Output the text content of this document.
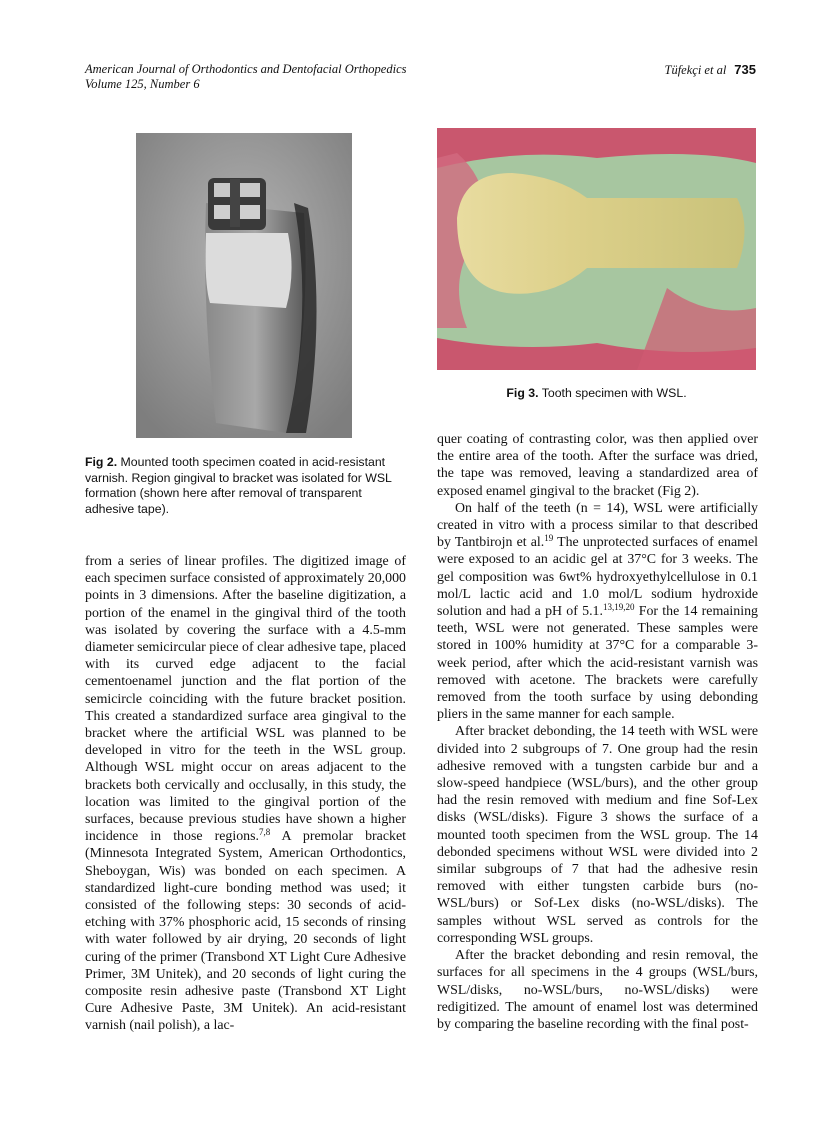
American Journal of Orthodontics and Dentofacial Orthopedics
Volume 125, Number 6
Tüfekçi et al 735
Fig 2. Mounted tooth specimen coated in acid-resistant varnish. Region gingival to bracket was isolated for WSL formation (shown here after removal of transparent adhesive tape).
Fig 3. Tooth specimen with WSL.

from a series of linear profiles. The digitized image of each specimen surface consisted of approximately 20,000 points in 3 dimensions. After the baseline digitization, a portion of the enamel in the gingival third of the tooth was isolated by covering the surface with a 4.5-mm diameter semicircular piece of clear adhesive tape, placed with its curved edge adjacent to the facial cementoenamel junction and the flat portion of the semicircle coinciding with the future bracket position. This created a standardized surface area gingival to the bracket where the artificial WSL was planned to be developed in vitro for the teeth in the WSL group. Although WSL might occur on areas adjacent to the brackets both cervically and occlusally, in this study, the location was limited to the gingival portion of the surfaces, because previous studies have shown a higher incidence in those regions.$^{7,8}$ A premolar bracket (Minnesota Integrated System, American Orthodontics, Sheboygan, Wis) was bonded on each specimen. A standardized light-cure bonding method was used; it consisted of the following steps: 30 seconds of acid-etching with 37% phosphoric acid, 15 seconds of rinsing with water followed by air drying, 20 seconds of light curing of the primer (Transbond XT Light Cure Adhesive Primer, 3M Unitek), and 20 seconds of light curing the composite resin adhesive paste (Transbond XT Light Cure Adhesive Paste, 3M Unitek). An acid-resistant varnish (nail polish), a lac-

quer coating of contrasting color, was then applied over the entire area of the tooth. After the surface was dried, the tape was removed, leaving a standardized area of exposed enamel gingival to the bracket (Fig 2).

On half of the teeth (n = 14), WSL were artificially created in vitro with a process similar to that described by Tantbirojn et al.$^{19}$ The unprotected surfaces of enamel were exposed to an acidic gel at 37°C for 3 weeks. The gel composition was 6wt% hydroxyethylcellulose in 0.1 mol/L lactic acid and 1.0 mol/L sodium hydroxide solution and had a pH of 5.1.$^{13,19,20}$ For the 14 remaining teeth, WSL were not generated. These samples were stored in 100% humidity at 37°C for a comparable 3-week period, after which the acid-resistant varnish was removed with acetone. The brackets were carefully removed from the tooth surface by using debonding pliers in the same manner for each sample.

After bracket debonding, the 14 teeth with WSL were divided into 2 subgroups of 7. One group had the resin adhesive removed with a tungsten carbide bur and a slow-speed handpiece (WSL/burs), and the other group had the resin removed with medium and fine Sof-Lex disks (WSL/disks). Figure 3 shows the surface of a mounted tooth specimen from the WSL group. The 14 debonded specimens without WSL were divided into 2 similar subgroups of 7 that had the adhesive resin removed with either tungsten carbide burs (no-WSL/burs) or Sof-Lex disks (no-WSL/disks). The samples without WSL served as controls for the corresponding WSL groups.

After the bracket debonding and resin removal, the surfaces for all specimens in the 4 groups (WSL/burs, WSL/disks, no-WSL/burs, no-WSL/disks) were redigitized. The amount of enamel lost was determined by comparing the baseline recording with the final post-
